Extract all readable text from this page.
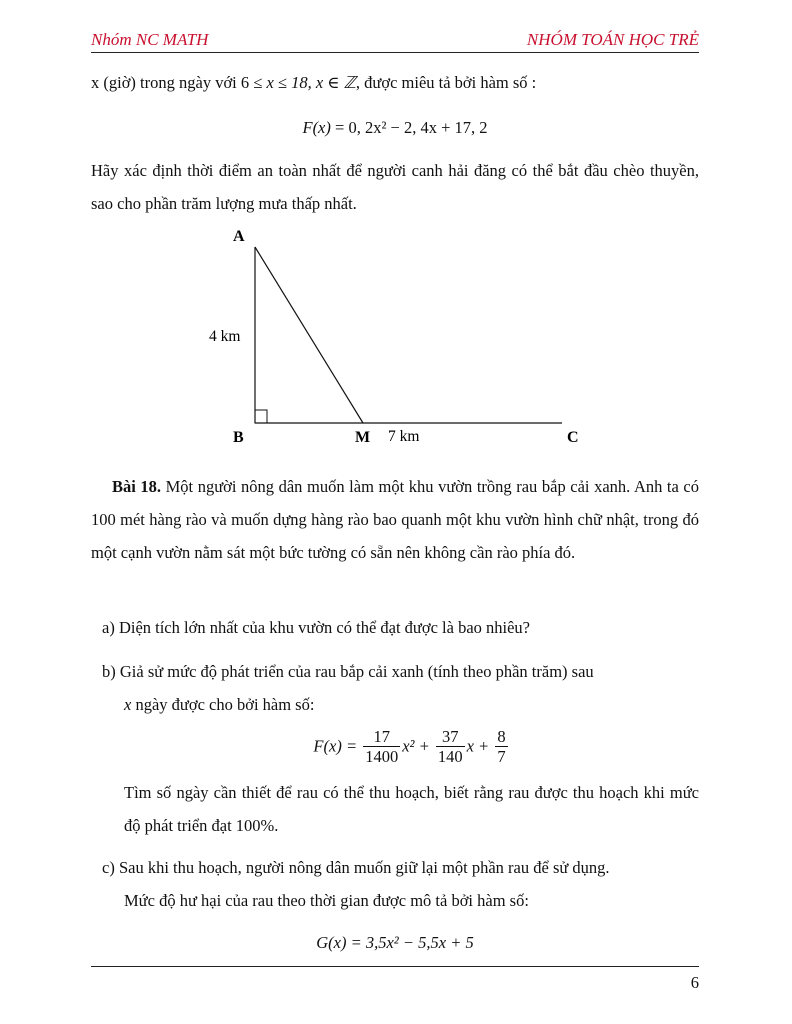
Nhóm NC MATH	NHÓM TOÁN HỌC TRẺ
x (giờ) trong ngày với 6 ≤ x ≤ 18, x ∈ ℤ, được miêu tả bởi hàm số :
F(x) = 0, 2x² − 2, 4x + 17, 2
Hãy xác định thời điểm an toàn nhất để người canh hải đăng có thể bắt đầu chèo thuyền, sao cho phần trăm lượng mưa thấp nhất.
A
B	M	C
4 km
7 km
Bài 18. Một người nông dân muốn làm một khu vườn trồng rau bắp cải xanh. Anh ta có 100 mét hàng rào và muốn dựng hàng rào bao quanh một khu vườn hình chữ nhật, trong đó một cạnh vườn nằm sát một bức tường có sẵn nên không cần rào phía đó.
a) Diện tích lớn nhất của khu vườn có thể đạt được là bao nhiêu?
b) Giả sử mức độ phát triển của rau bắp cải xanh (tính theo phần trăm) sau
x ngày được cho bởi hàm số:
$F(x) = \frac{17}{1400} x^2 + \frac{37}{140}$ $x + \frac{8}{7}$
Tìm số ngày cần thiết để rau có thể thu hoạch, biết rằng rau được thu hoạch khi mức độ phát triển đạt 100%.
c) Sau khi thu hoạch, người nông dân muốn giữ lại một phần rau để sử dụng.
Mức độ hư hại của rau theo thời gian được mô tả bởi hàm số:
G(x) = 3,5x² − 5,5x + 5
6
